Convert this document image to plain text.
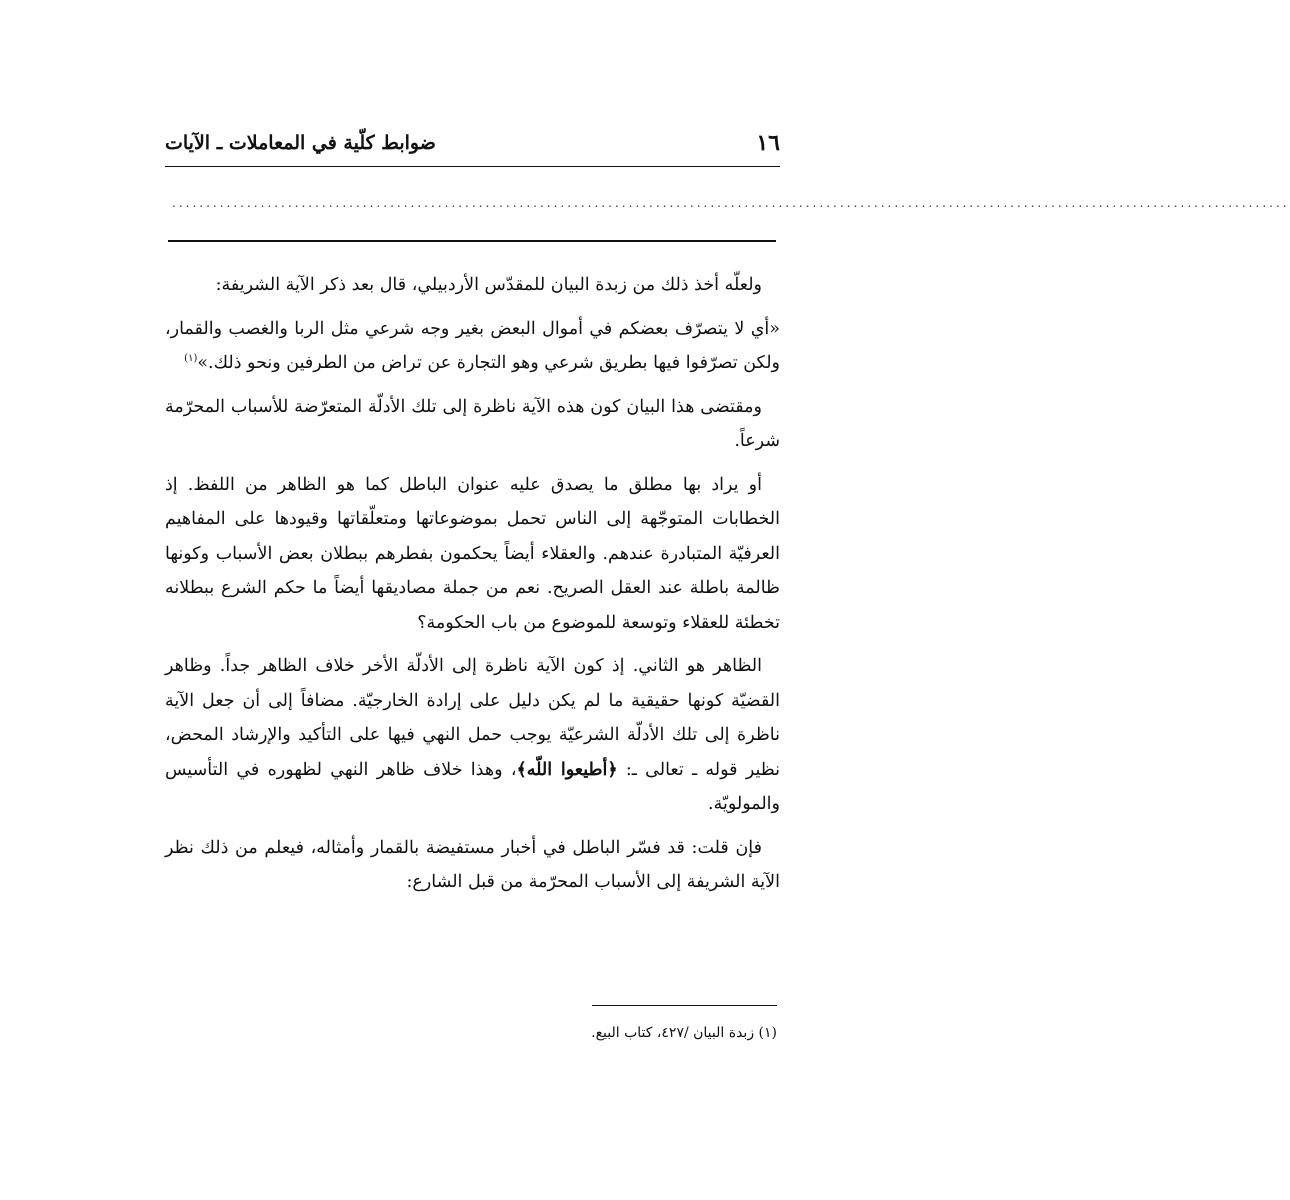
١٦
ضوابط كلّية في المعاملات ـ الآيات
....................................................................................................................................................................

ولعلّه أخذ ذلك من زبدة البيان للمقدّس الأردبيلي، قال بعد ذكر الآية الشريفة:

«أي لا يتصرّف بعضكم في أموال البعض بغير وجه شرعي مثل الربا والغصب والقمار، ولكن تصرّفوا فيها بطريق شرعي وهو التجارة عن تراض من الطرفين ونحو ذلك.»$^{(١)}$

ومقتضى هذا البيان كون هذه الآية ناظرة إلى تلك الأدلّة المتعرّضة للأسباب المحرّمة شرعاً.

أو يراد بها مطلق ما يصدق عليه عنوان الباطل كما هو الظاهر من اللفظ. إذ الخطابات المتوجّهة إلى الناس تحمل بموضوعاتها ومتعلّقاتها وقيودها على المفاهيم العرفيّة المتبادرة عندهم. والعقلاء أيضاً يحكمون بفطرهم ببطلان بعض الأسباب وكونها ظالمة باطلة عند العقل الصريح. نعم من جملة مصاديقها أيضاً ما حكم الشرع ببطلانه تخطئة للعقلاء وتوسعة للموضوع من باب الحكومة؟

الظاهر هو الثاني. إذ كون الآية ناظرة إلى الأدلّة الأخر خلاف الظاهر جداً. وظاهر القضيّة كونها حقيقية ما لم يكن دليل على إرادة الخارجيّة. مضافاً إلى أن جعل الآية ناظرة إلى تلك الأدلّة الشرعيّة يوجب حمل النهي فيها على التأكيد والإرشاد المحض، نظير قوله ـ تعالى ـ: ﴿أطيعوا اللّه﴾، وهذا خلاف ظاهر النهي لظهوره في التأسيس والمولويّة.

فإن قلت: قد فسّر الباطل في أخبار مستفيضة بالقمار وأمثاله، فيعلم من ذلك نظر الآية الشريفة إلى الأسباب المحرّمة من قبل الشارع:

(١) زبدة البيان /٤٢٧، كتاب البيع.
